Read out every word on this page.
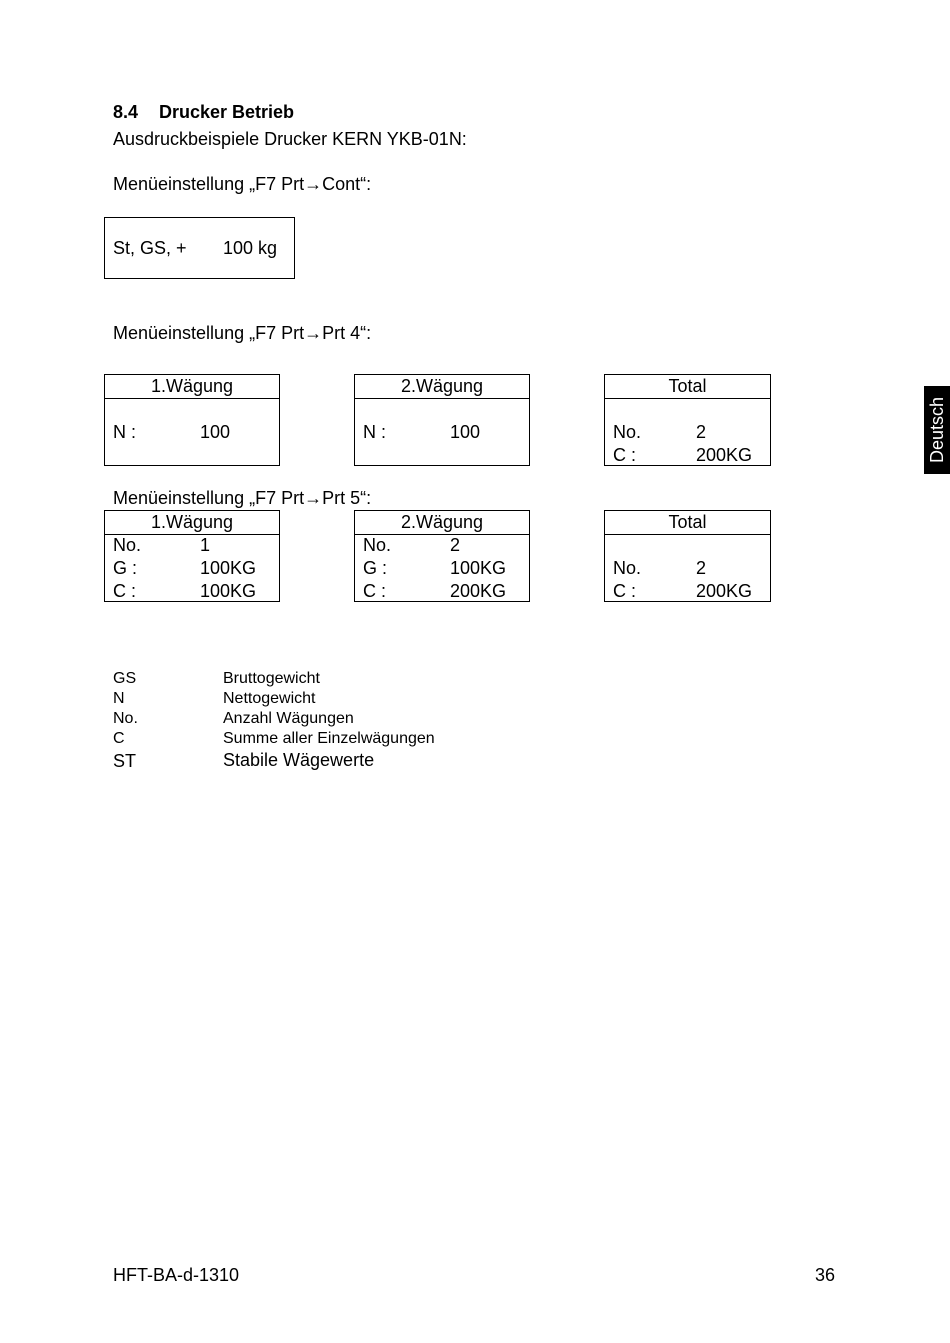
8.4 Drucker Betrieb
Ausdruckbeispiele Drucker KERN YKB-01N:
Menüeinstellung „F7 Prt→Cont“:
St, GS, + 100 kg
Menüeinstellung „F7 Prt→Prt 4“:
1.Wägung
N :	100
2.Wägung
N :	100
Total
No.	2
C :	200KG
Menüeinstellung „F7 Prt→Prt 5“:
1.Wägung
No.	1
G :	100KG
C :	100KG
2.Wägung
No.	2
G :	100KG
C :	200KG
Total
No.	2
C :	200KG
GS	Bruttogewicht
N	Nettogewicht
No.	Anzahl Wägungen
C	Summe aller Einzelwägungen
ST	Stabile Wägewerte
Deutsch
HFT-BA-d-1310	36
